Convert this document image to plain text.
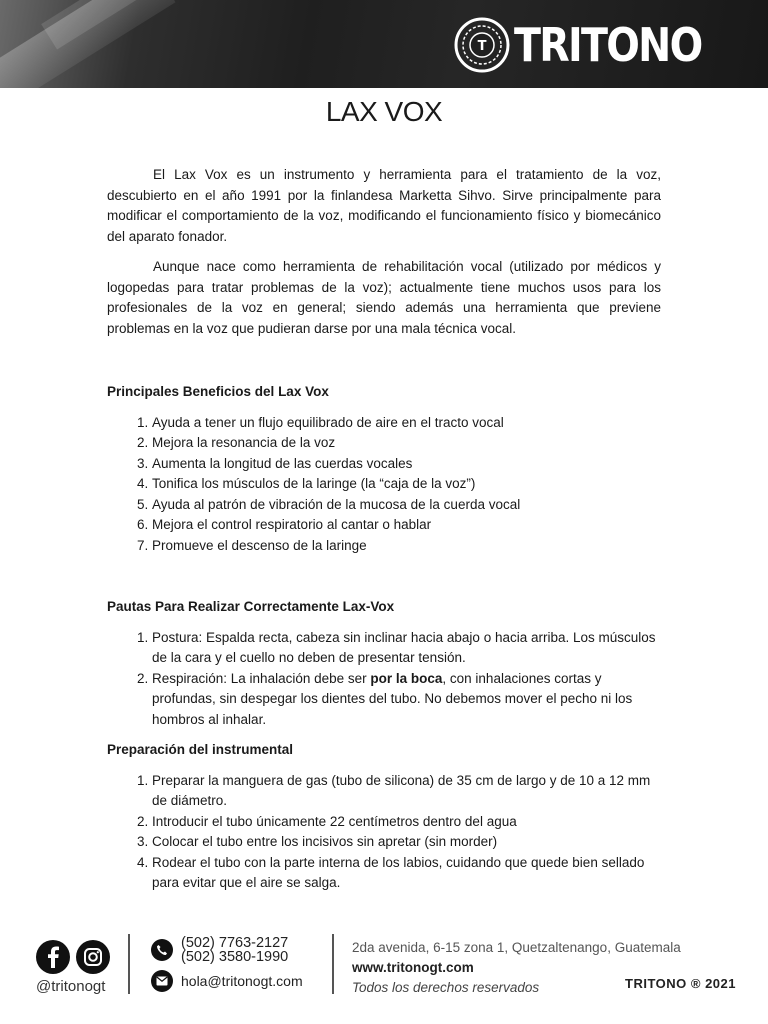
T TRITONO
LAX VOX

El Lax Vox es un instrumento y herramienta para el tratamiento de la voz, descubierto en el año 1991 por la finlandesa Marketta Sihvo. Sirve principalmente para modificar el comportamiento de la voz, modificando el funcionamiento físico y biomecánico del aparato fonador.

Aunque nace como herramienta de rehabilitación vocal (utilizado por médicos y logopedas para tratar problemas de la voz); actualmente tiene muchos usos para los profesionales de la voz en general; siendo además una herramienta que previene problemas en la voz que pudieran darse por una mala técnica vocal.

Principales Beneficios del Lax Vox

1. Ayuda a tener un flujo equilibrado de aire en el tracto vocal
2. Mejora la resonancia de la voz
3. Aumenta la longitud de las cuerdas vocales
4. Tonifica los músculos de la laringe (la “caja de la voz”)
5. Ayuda al patrón de vibración de la mucosa de la cuerda vocal
6. Mejora el control respiratorio al cantar o hablar
7. Promueve el descenso de la laringe

Pautas Para Realizar Correctamente Lax-Vox

1. Postura: Espalda recta, cabeza sin inclinar hacia abajo o hacia arriba. Los músculos de la cara y el cuello no deben de presentar tensión.
2. Respiración: La inhalación debe ser por la boca, con inhalaciones cortas y profundas, sin despegar los dientes del tubo. No debemos mover el pecho ni los hombros al inhalar.

Preparación del instrumental

1. Preparar la manguera de gas (tubo de silicona) de 35 cm de largo y de 10 a 12 mm de diámetro.
2. Introducir el tubo únicamente 22 centímetros dentro del agua
3. Colocar el tubo entre los incisivos sin apretar (sin morder)
4. Rodear el tubo con la parte interna de los labios, cuidando que quede bien sellado para evitar que el aire se salga.
@tritonogt
(502) 7763-2127
(502) 3580-1990
hola@tritonogt.com
2da avenida, 6-15 zona 1, Quetzaltenango, Guatemala
www.tritonogt.com
Todos los derechos reservados	TRITONO ® 2021
